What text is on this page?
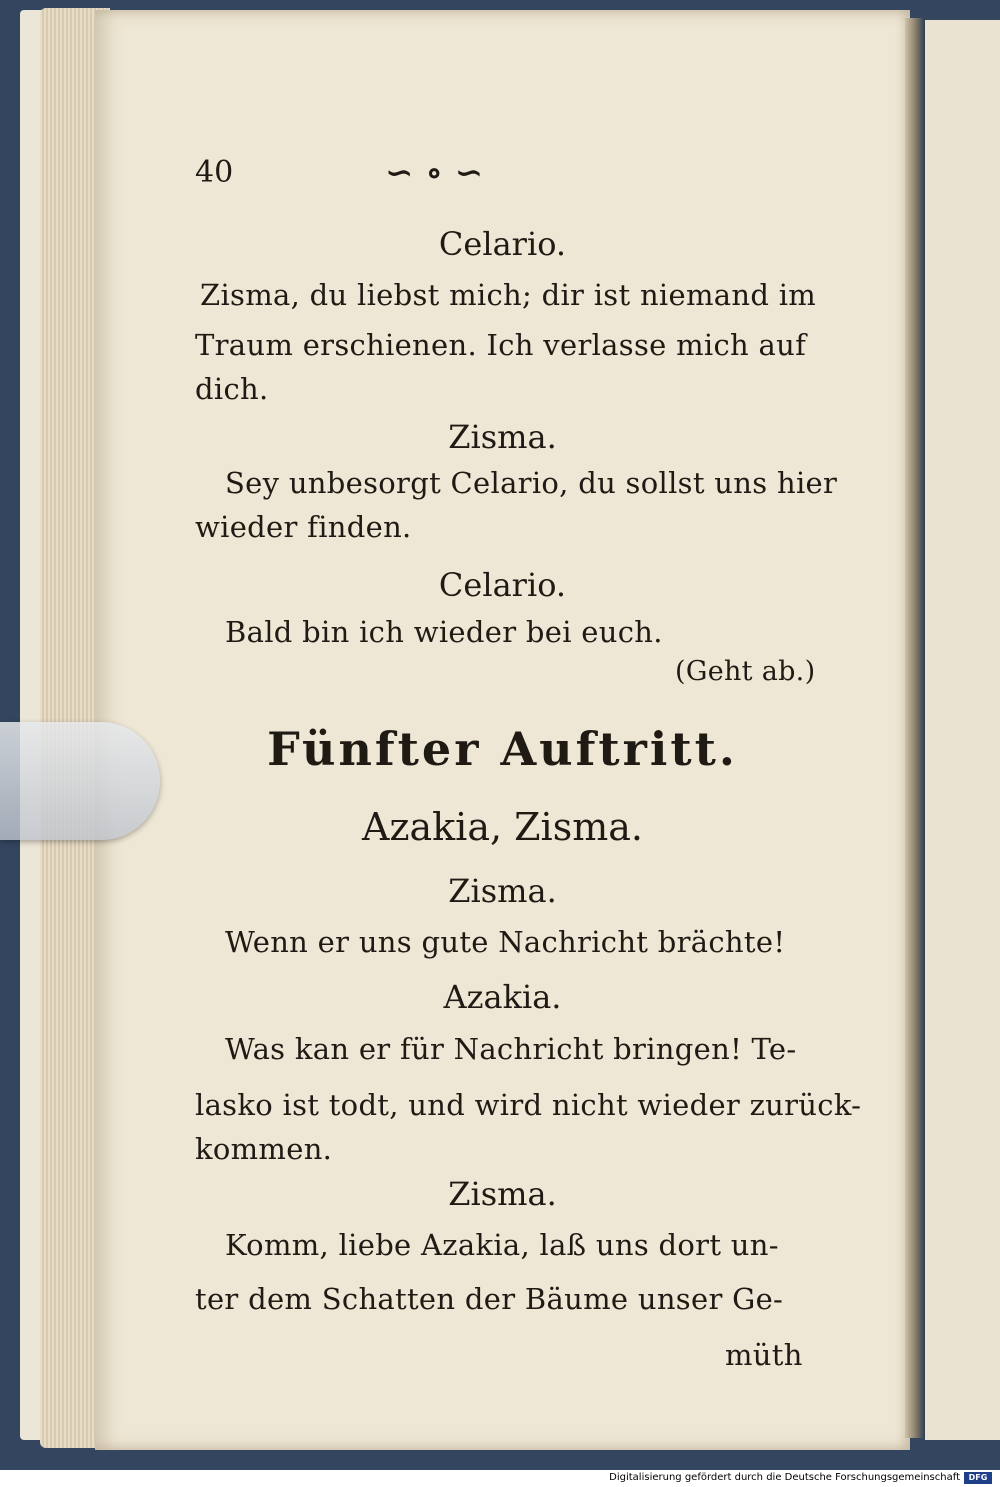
40	∽ ∘ ∽
Celario.
Zisma, du liebst mich; dir ist niemand im
Traum erschienen. Ich verlasse mich auf
dich.
Zisma.
Sey unbesorgt Celario, du sollst uns hier
wieder finden.
Celario.
Bald bin ich wieder bei euch.
(Geht ab.)
Fünfter Auftritt.
Azakia, Zisma.
Zisma.
Wenn er uns gute Nachricht brächte!
Azakia.
Was kan er für Nachricht bringen! Te-
lasko ist todt, und wird nicht wieder zurück-
kommen.
Zisma.
Komm, liebe Azakia, laß uns dort un-
ter dem Schatten der Bäume unser Ge-
müth
Digitalisierung gefördert durch die Deutsche Forschungsgemeinschaft	DFG
